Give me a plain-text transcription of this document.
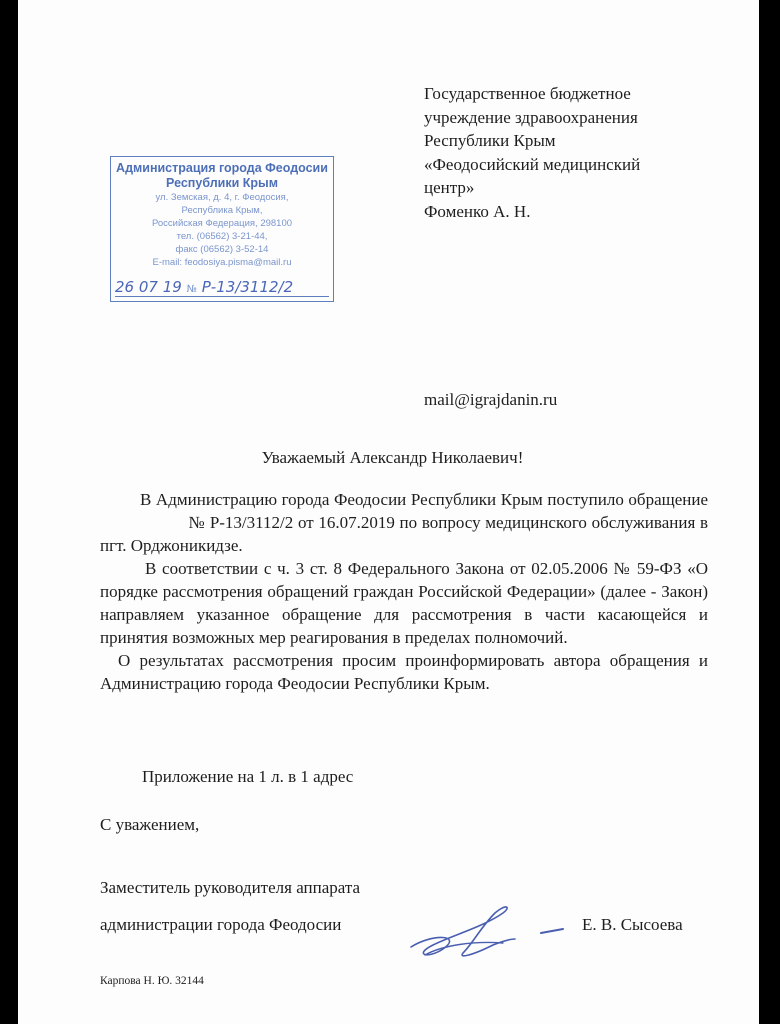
Государственное бюджетное
учреждение здравоохранения
Республики Крым
«Феодосийский медицинский
центр»
Фоменко А. Н.
Администрация города Феодосии
Республики Крым
ул. Земская, д. 4, г. Феодосия,
Республика Крым,
Российская Федерация, 298100
тел. (06562) 3-21-44,
факс (06562) 3-52-14
E-mail: feodosiya.pisma@mail.ru
26 07 19 № Р-13/3112/2
mail@igrajdanin.ru
Уважаемый Александр Николаевич!

В Администрацию города Феодосии Республики Крым поступило обращение№ Р-13/3112/2 от 16.07.2019 по вопросу медицинского обслуживания в пгт. Орджоникидзе.

В соответствии с ч. 3 ст. 8 Федерального Закона от 02.05.2006 № 59-ФЗ «О порядке рассмотрения обращений граждан Российской Федерации» (далее - Закон) направляем указанное обращение для рассмотрения в части касающейся и принятия возможных мер реагирования в пределах полномочий.

О результатах рассмотрения просим проинформировать автора обращения и Администрацию города Феодосии Республики Крым.

Приложение на 1 л. в 1 адрес
С уважением,
Заместитель руководителя аппарата
администрации города Феодосии	Е. В. Сысоева
Карпова Н. Ю. 32144
